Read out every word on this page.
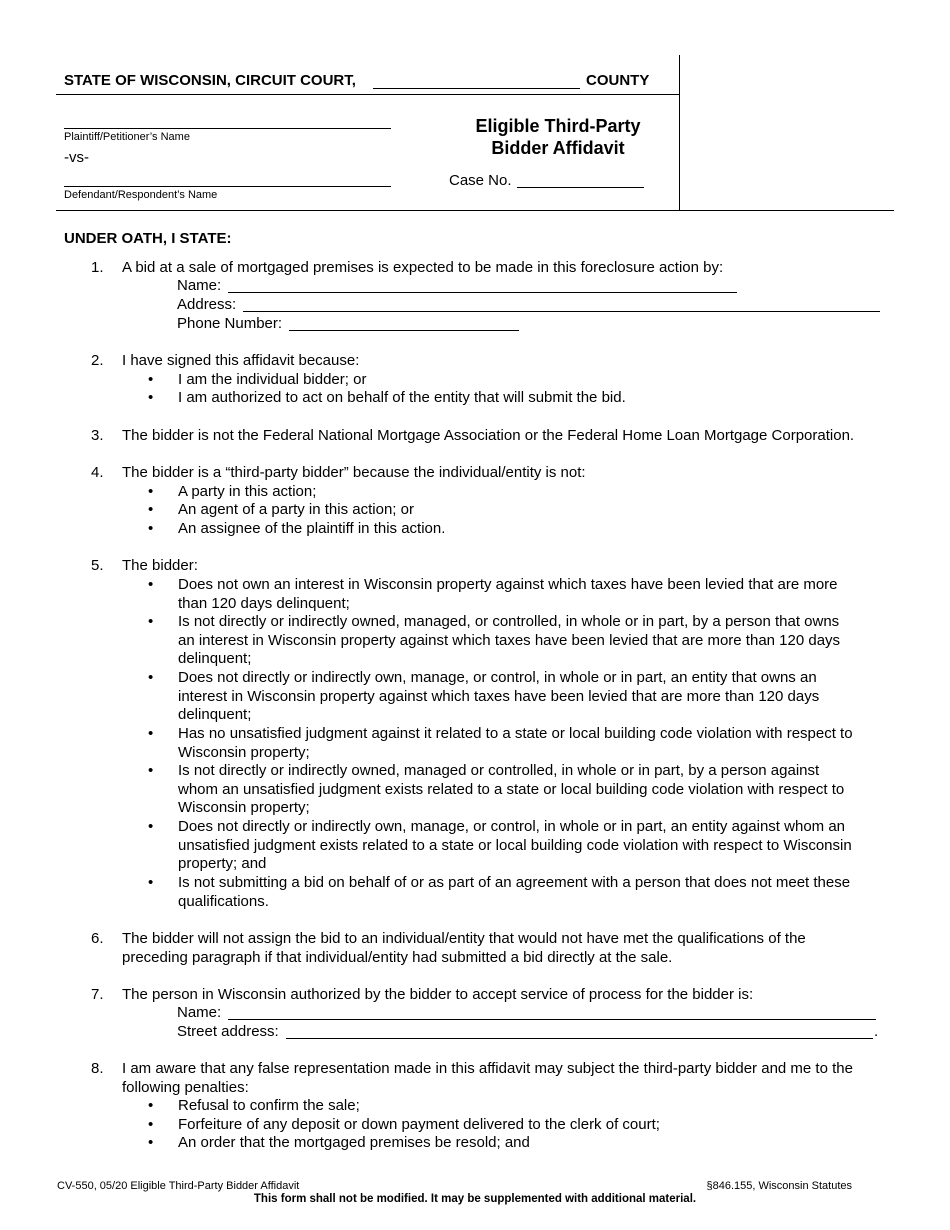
STATE OF WISCONSIN, CIRCUIT COURT,	COUNTY
Plaintiff/Petitioner’s Name
-vs-
Defendant/Respondent’s Name
Eligible Third-Party
Bidder Affidavit
Case No.
UNDER OATH, I STATE:
1. A bid at a sale of mortgaged premises is expected to be made in this foreclosure action by:
Name:
Address:
Phone Number:
2. I have signed this affidavit because:
• I am the individual bidder; or
• I am authorized to act on behalf of the entity that will submit the bid.
3. The bidder is not the Federal National Mortgage Association or the Federal Home Loan Mortgage Corporation.
4. The bidder is a “third-party bidder” because the individual/entity is not:
• A party in this action;
• An agent of a party in this action; or
• An assignee of the plaintiff in this action.
5. The bidder:
• Does not own an interest in Wisconsin property against which taxes have been levied that are more
than 120 days delinquent;
• Is not directly or indirectly owned, managed, or controlled, in whole or in part, by a person that owns
an interest in Wisconsin property against which taxes have been levied that are more than 120 days
delinquent;
• Does not directly or indirectly own, manage, or control, in whole or in part, an entity that owns an
interest in Wisconsin property against which taxes have been levied that are more than 120 days
delinquent;
• Has no unsatisfied judgment against it related to a state or local building code violation with respect to
Wisconsin property;
• Is not directly or indirectly owned, managed or controlled, in whole or in part, by a person against
whom an unsatisfied judgment exists related to a state or local building code violation with respect to
Wisconsin property;
• Does not directly or indirectly own, manage, or control, in whole or in part, an entity against whom an
unsatisfied judgment exists related to a state or local building code violation with respect to Wisconsin
property; and
• Is not submitting a bid on behalf of or as part of an agreement with a person that does not meet these
qualifications.
6. The bidder will not assign the bid to an individual/entity that would not have met the qualifications of the
preceding paragraph if that individual/entity had submitted a bid directly at the sale.
7. The person in Wisconsin authorized by the bidder to accept service of process for the bidder is:
Name:
Street address:	.
8. I am aware that any false representation made in this affidavit may subject the third-party bidder and me to the
following penalties:
• Refusal to confirm the sale;
• Forfeiture of any deposit or down payment delivered to the clerk of court;
• An order that the mortgaged premises be resold; and
CV-550, 05/20 Eligible Third-Party Bidder Affidavit	§846.155, Wisconsin Statutes
This form shall not be modified. It may be supplemented with additional material.
